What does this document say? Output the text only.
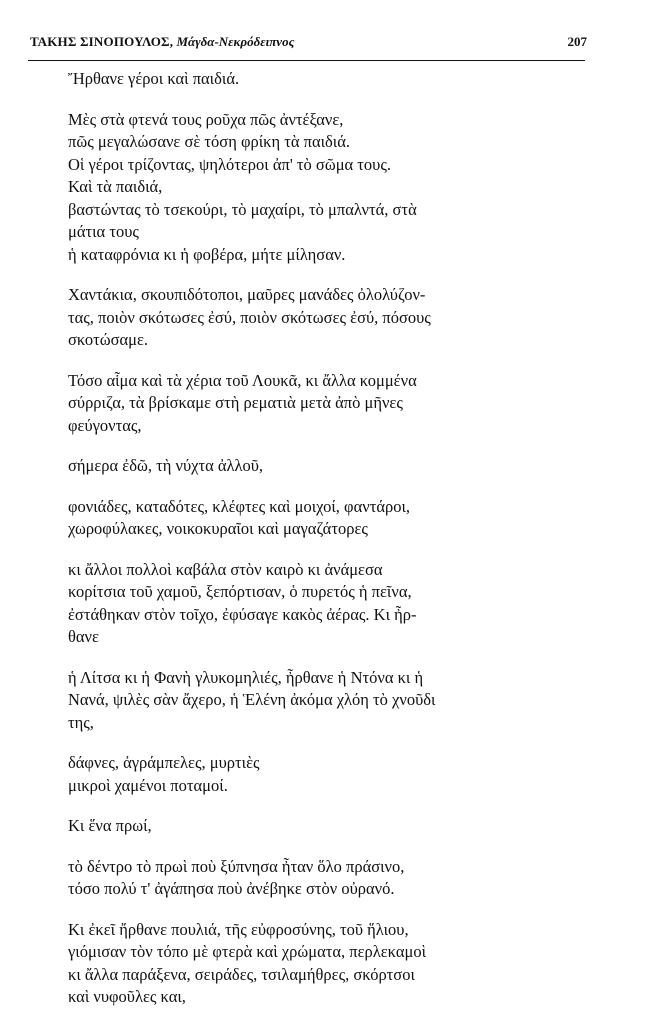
ΤΑΚΗΣ ΣΙΝΟΠΟΥΛΟΣ, Μάγδα-Νεκρόδειπνος	207
Ἤρθανε γέροι καὶ παιδιά.
Μὲς στὰ φτενά τους ροῦχα πῶς ἀντέξανε,
πῶς μεγαλώσανε σὲ τόση φρίκη τὰ παιδιά.
Οἱ γέροι τρίζοντας, ψηλότεροι ἀπ' τὸ σῶμα τους.
Καὶ τὰ παιδιά,
βαστώντας τὸ τσεκούρι, τὸ μαχαίρι, τὸ μπαλντά, στὰ
μάτια τους
ἡ καταφρόνια κι ἡ φοβέρα, μήτε μίλησαν.
Χαντάκια, σκουπιδότοποι, μαῦρες μανάδες ὀλολύζον-
τας, ποιὸν σκότωσες ἐσύ, ποιὸν σκότωσες ἐσύ, πόσους
σκοτώσαμε.
Τόσο αἷμα καὶ τὰ χέρια τοῦ Λουκᾶ, κι ἄλλα κομμένα
σύρριζα, τὰ βρίσκαμε στὴ ρεματιὰ μετὰ ἀπὸ μῆνες
φεύγοντας,
σήμερα ἐδῶ, τὴ νύχτα ἀλλοῦ,
φονιάδες, καταδότες, κλέφτες καὶ μοιχοί, φαντάροι,
χωροφύλακες, νοικοκυραῖοι καὶ μαγαζάτορες
κι ἄλλοι πολλοὶ καβάλα στὸν καιρὸ κι ἀνάμεσα
κορίτσια τοῦ χαμοῦ, ξεπόρτισαν, ὁ πυρετός ἡ πεῖνα,
ἐστάθηκαν στὸν τοῖχο, ἐφύσαγε κακὸς ἀέρας. Κι ἦρ-
θανε
ἡ Λίτσα κι ἡ Φανὴ γλυκομηλιές, ἦρθανε ἡ Ντόνα κι ἡ
Νανά, ψιλὲς σὰν ἄχερο, ἡ Ἑλένη ἀκόμα χλόη τὸ χνοῦδι
της,
δάφνες, ἀγράμπελες, μυρτιὲς
μικροὶ χαμένοι ποταμοί.
Κι ἕνα πρωί,
τὸ δέντρο τὸ πρωὶ ποὺ ξύπνησα ἦταν ὅλο πράσινο,
τόσο πολύ τ' ἀγάπησα ποὺ ἀνέβηκε στὸν οὐρανό.
Κι ἐκεῖ ἤρθανε πουλιά, τῆς εὐφροσύνης, τοῦ ἥλιου,
γιόμισαν τὸν τόπο μὲ φτερὰ καὶ χρώματα, περλεκαμοὶ
κι ἄλλα παράξενα, σειράδες, τσιλαμήθρες, σκόρτσοι
καὶ νυφοῦλες και,
